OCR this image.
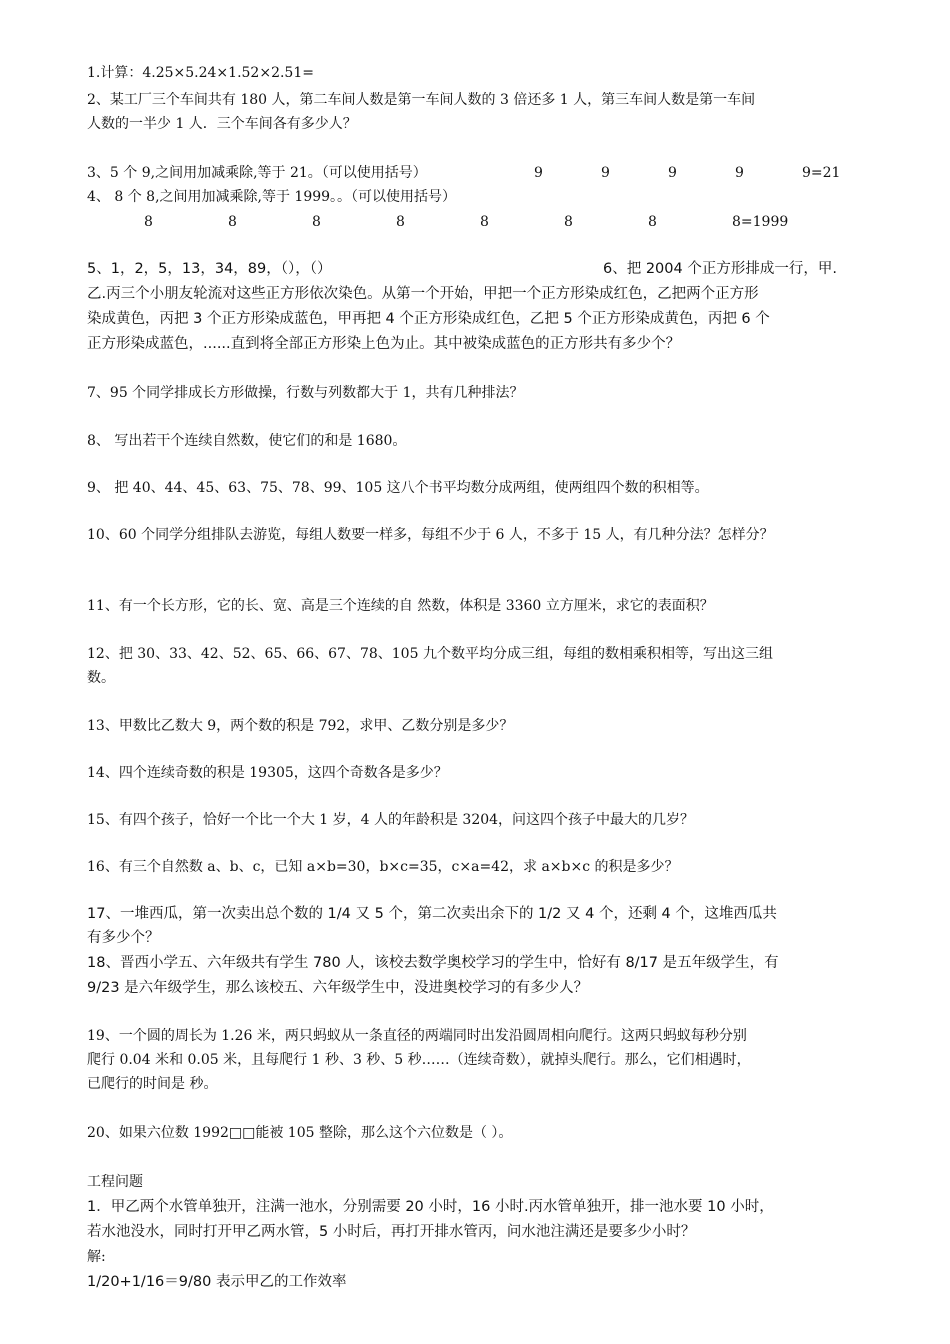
1.计算：4.25×5.24×1.52×2.51=
2、某工厂三个车间共有 180 人，第二车间人数是第一车间人数的 3 倍还多 1 人，第三车间人数是第一车间
人数的一半少 1 人．三个车间各有多少人？
3、5 个 9,之间用加减乘除,等于 21。（可以使用括号）	9	9	9	9	9=21
4、 8 个 8,之间用加减乘除,等于 1999。。（可以使用括号）
8	8	8	8	8	8	8	8=1999
5、1，2，5，13，34，89，（），（）	6、把 2004 个正方形排成一行，甲.
乙.丙三个小朋友轮流对这些正方形依次染色。从第一个开始，甲把一个正方形染成红色，乙把两个正方形
染成黄色，丙把 3 个正方形染成蓝色，甲再把 4 个正方形染成红色，乙把 5 个正方形染成黄色，丙把 6 个
正方形染成蓝色，......直到将全部正方形染上色为止。其中被染成蓝色的正方形共有多少个？
7、95 个同学排成长方形做操，行数与列数都大于 1，共有几种排法？
8、 写出若干个连续自然数，使它们的和是 1680。
9、 把 40、44、45、63、75、78、99、105 这八个书平均数分成两组，使两组四个数的积相等。
10、60 个同学分组排队去游览，每组人数要一样多，每组不少于 6 人，不多于 15 人，有几种分法？怎样分？
11、有一个长方形，它的长、宽、高是三个连续的自 然数，体积是 3360 立方厘米，求它的表面积？
12、把 30、33、42、52、65、66、67、78、105 九个数平均分成三组，每组的数相乘积相等，写出这三组
数。
13、甲数比乙数大 9，两个数的积是 792，求甲、乙数分别是多少？
14、四个连续奇数的积是 19305，这四个奇数各是多少？
15、有四个孩子，恰好一个比一个大 1 岁，4 人的年龄积是 3204，问这四个孩子中最大的几岁？
16、有三个自然数 a、b、c，已知 a×b=30，b×c=35，c×a=42，求 a×b×c 的积是多少？
17、一堆西瓜，第一次卖出总个数的 1/4 又 5 个，第二次卖出余下的 1/2 又 4 个，还剩 4 个，这堆西瓜共
有多少个？
18、晋西小学五、六年级共有学生 780 人，该校去数学奥校学习的学生中，恰好有 8/17 是五年级学生，有
9/23 是六年级学生，那么该校五、六年级学生中，没进奥校学习的有多少人？
19、一个圆的周长为 1.26 米，两只蚂蚁从一条直径的两端同时出发沿圆周相向爬行。这两只蚂蚁每秒分别
爬行 0.04 米和 0.05 米，且每爬行 1 秒、3 秒、5 秒……（连续奇数），就掉头爬行。那么，它们相遇时，
已爬行的时间是 秒。
20、如果六位数 1992□□能被 105 整除，那么这个六位数是（ ）。
工程问题
1．甲乙两个水管单独开，注满一池水，分别需要 20 小时，16 小时.丙水管单独开，排一池水要 10 小时，
若水池没水，同时打开甲乙两水管，5 小时后，再打开排水管丙，问水池注满还是要多少小时？
解:
1/20+1/16＝9/80 表示甲乙的工作效率
